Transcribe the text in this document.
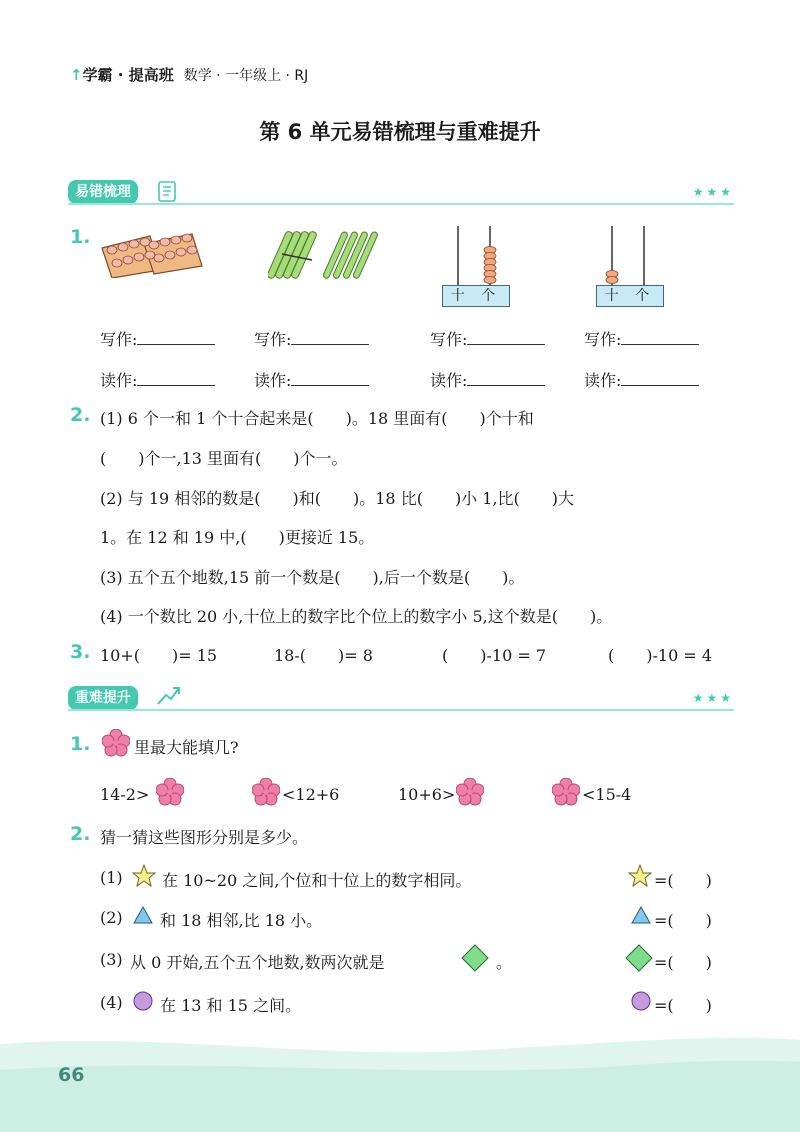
↑学霸 · 提高班 数学 · 一年级上 · RJ
第 6 单元易错梳理与重难提升
易错梳理	★★★
1.
十 个	十 个
写作:	写作:	写作:	写作:
读作:	读作:	读作:	读作:
2. (1) 6 个一和 1 个十合起来是(　　)。18 里面有(　　)个十和
(　　)个一,13 里面有(　　)个一。
(2) 与 19 相邻的数是(　　)和(　　)。18 比(　　)小 1,比(　　)大
1。在 12 和 19 中,(　　)更接近 15。
(3) 五个五个地数,15 前一个数是(　　),后一个数是(　　)。
(4) 一个数比 20 小,十位上的数字比个位上的数字小 5,这个数是(　　)。
3. 10+(　　)= 15	18-(　　)= 8	(　　)-10 = 7	(　　)-10 = 4
重难提升	★★★
1.	里最大能填几?
14-2>	<12+6	10+6>	<15-4
2. 猜一猜这些图形分别是多少。
(1) 在 10~20 之间,个位和十位上的数字相同。	=(　　)
(2) 和 18 相邻,比 18 小。	=(　　)
(3) 从 0 开始,五个五个地数,数两次就是	。	=(　　)
(4) 在 13 和 15 之间。	=(　　)
66
